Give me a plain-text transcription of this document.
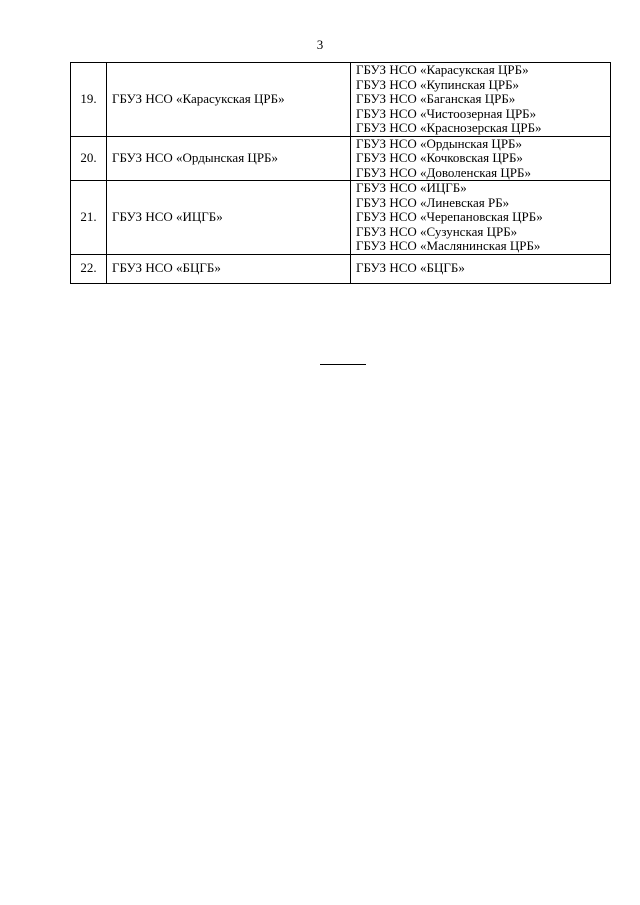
3
19.	ГБУЗ НСО «Карасукская ЦРБ»	ГБУЗ НСО «Карасукская ЦРБ»
ГБУЗ НСО «Купинская ЦРБ»
ГБУЗ НСО «Баганская ЦРБ»
ГБУЗ НСО «Чистоозерная ЦРБ»
ГБУЗ НСО «Краснозерская ЦРБ»

20.	ГБУЗ НСО «Ордынская ЦРБ»	ГБУЗ НСО «Ордынская ЦРБ»
ГБУЗ НСО «Кочковская ЦРБ»
ГБУЗ НСО «Доволенская ЦРБ»

21.	ГБУЗ НСО «ИЦГБ»	ГБУЗ НСО «ИЦГБ»
ГБУЗ НСО «Линевская РБ»
ГБУЗ НСО «Черепановская ЦРБ»
ГБУЗ НСО «Сузунская ЦРБ»
ГБУЗ НСО «Маслянинская ЦРБ»

22.	ГБУЗ НСО «БЦГБ»	ГБУЗ НСО «БЦГБ»
